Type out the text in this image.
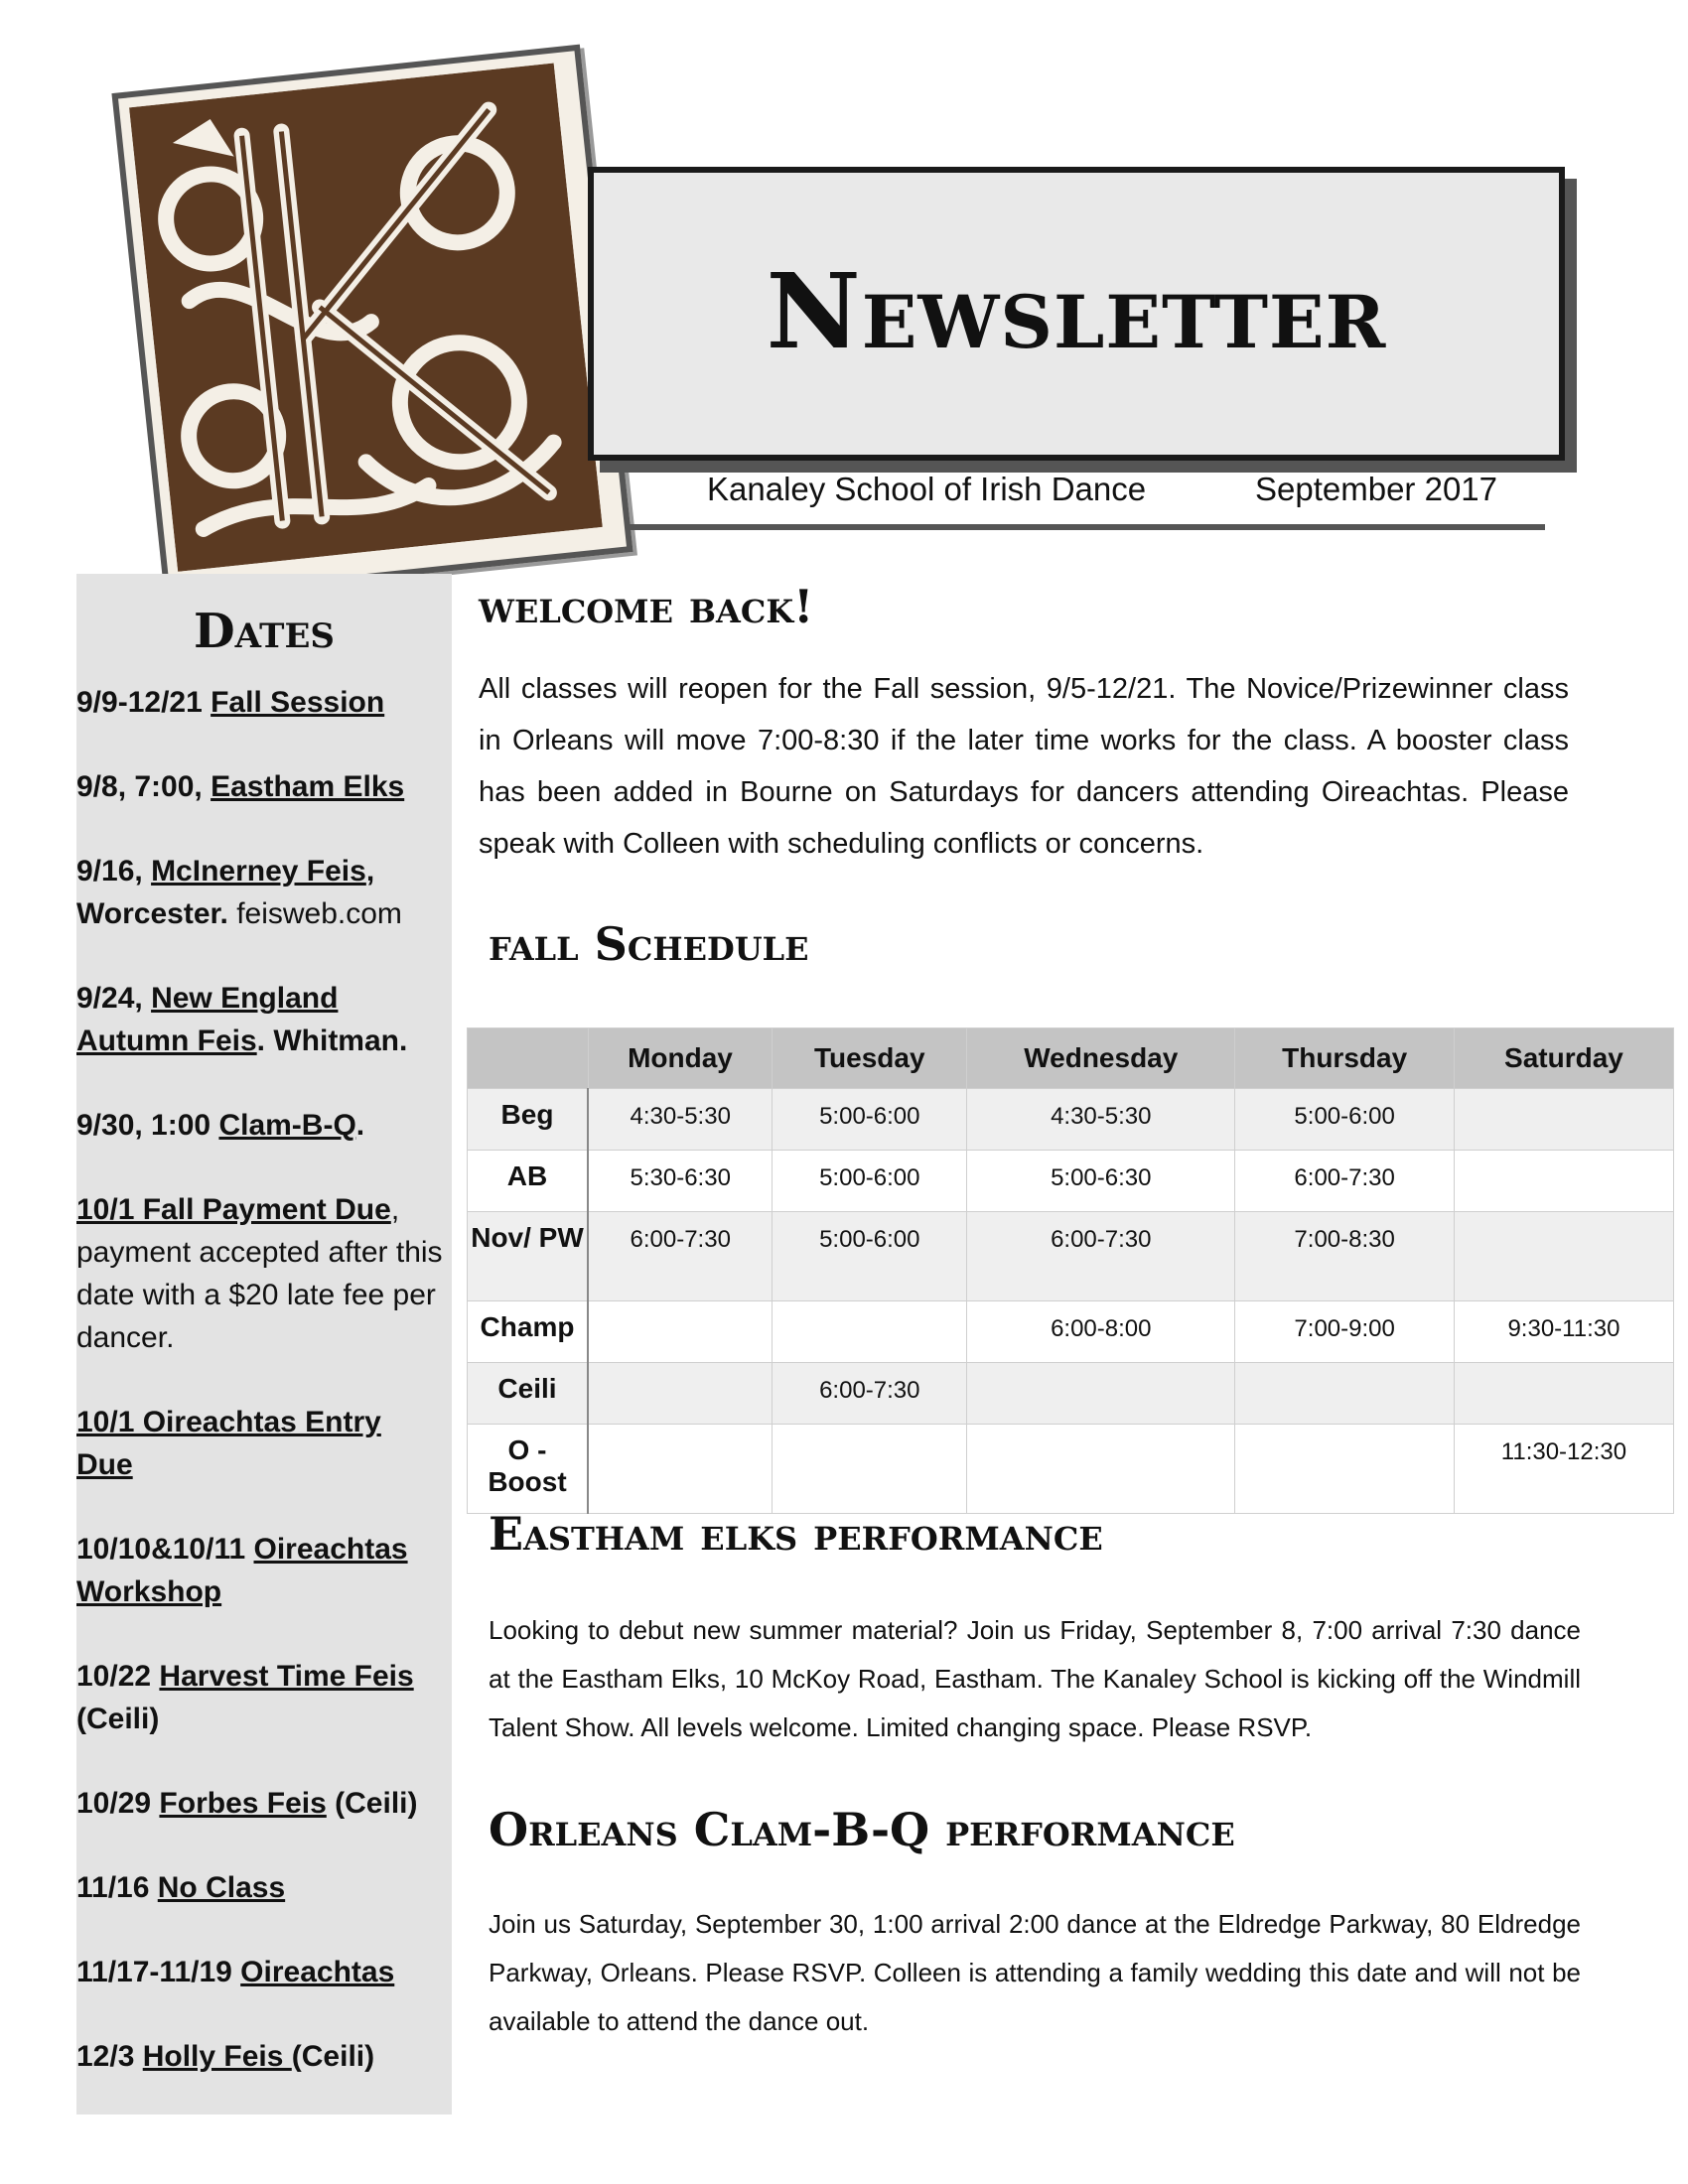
Newsletter
Kanaley School of Irish Dance	September 2017
Dates
9/9-12/21 Fall Session
9/8, 7:00, Eastham Elks
9/16, McInerney Feis, Worcester. feisweb.com
9/24, New England Autumn Feis. Whitman.
9/30, 1:00 Clam-B-Q.
10/1 Fall Payment Due, payment accepted after this date with a $20 late fee per dancer.
10/1 Oireachtas Entry Due
10/10&10/11 Oireachtas Workshop
10/22 Harvest Time Feis (Ceili)
10/29 Forbes Feis (Ceili)
11/16 No Class
11/17-11/19 Oireachtas
12/3 Holly Feis (Ceili)
welcome back!

All classes will reopen for the Fall session, 9/5-12/21. The Novice/Prizewinner class in Orleans will move 7:00-8:30 if the later time works for the class. A booster class has been added in Bourne on Saturdays for dancers attending Oireachtas. Please speak with Colleen with scheduling conflicts or concerns.

fall Schedule
	Monday	Tuesday	Wednesday	Thursday	Saturday
Beg	4:30-5:30	5:00-6:00	4:30-5:30	5:00-6:00	
AB	5:30-6:30	5:00-6:00	5:00-6:30	6:00-7:30	
Nov/ PW	6:00-7:30	5:00-6:00	6:00-7:30	7:00-8:30	
Champ			6:00-8:00	7:00-9:00	9:30-11:30
Ceili		6:00-7:30			
O - Boost					11:30-12:30
Eastham elks performance

Looking to debut new summer material? Join us Friday, September 8, 7:00 arrival 7:30 dance at the Eastham Elks, 10 McKoy Road, Eastham. The Kanaley School is kicking off the Windmill Talent Show. All levels welcome. Limited changing space. Please RSVP.

Orleans Clam-B-Q performance

Join us Saturday, September 30, 1:00 arrival 2:00 dance at the Eldredge Parkway, 80 Eldredge Parkway, Orleans. Please RSVP. Colleen is attending a family wedding this date and will not be available to attend the dance out.
